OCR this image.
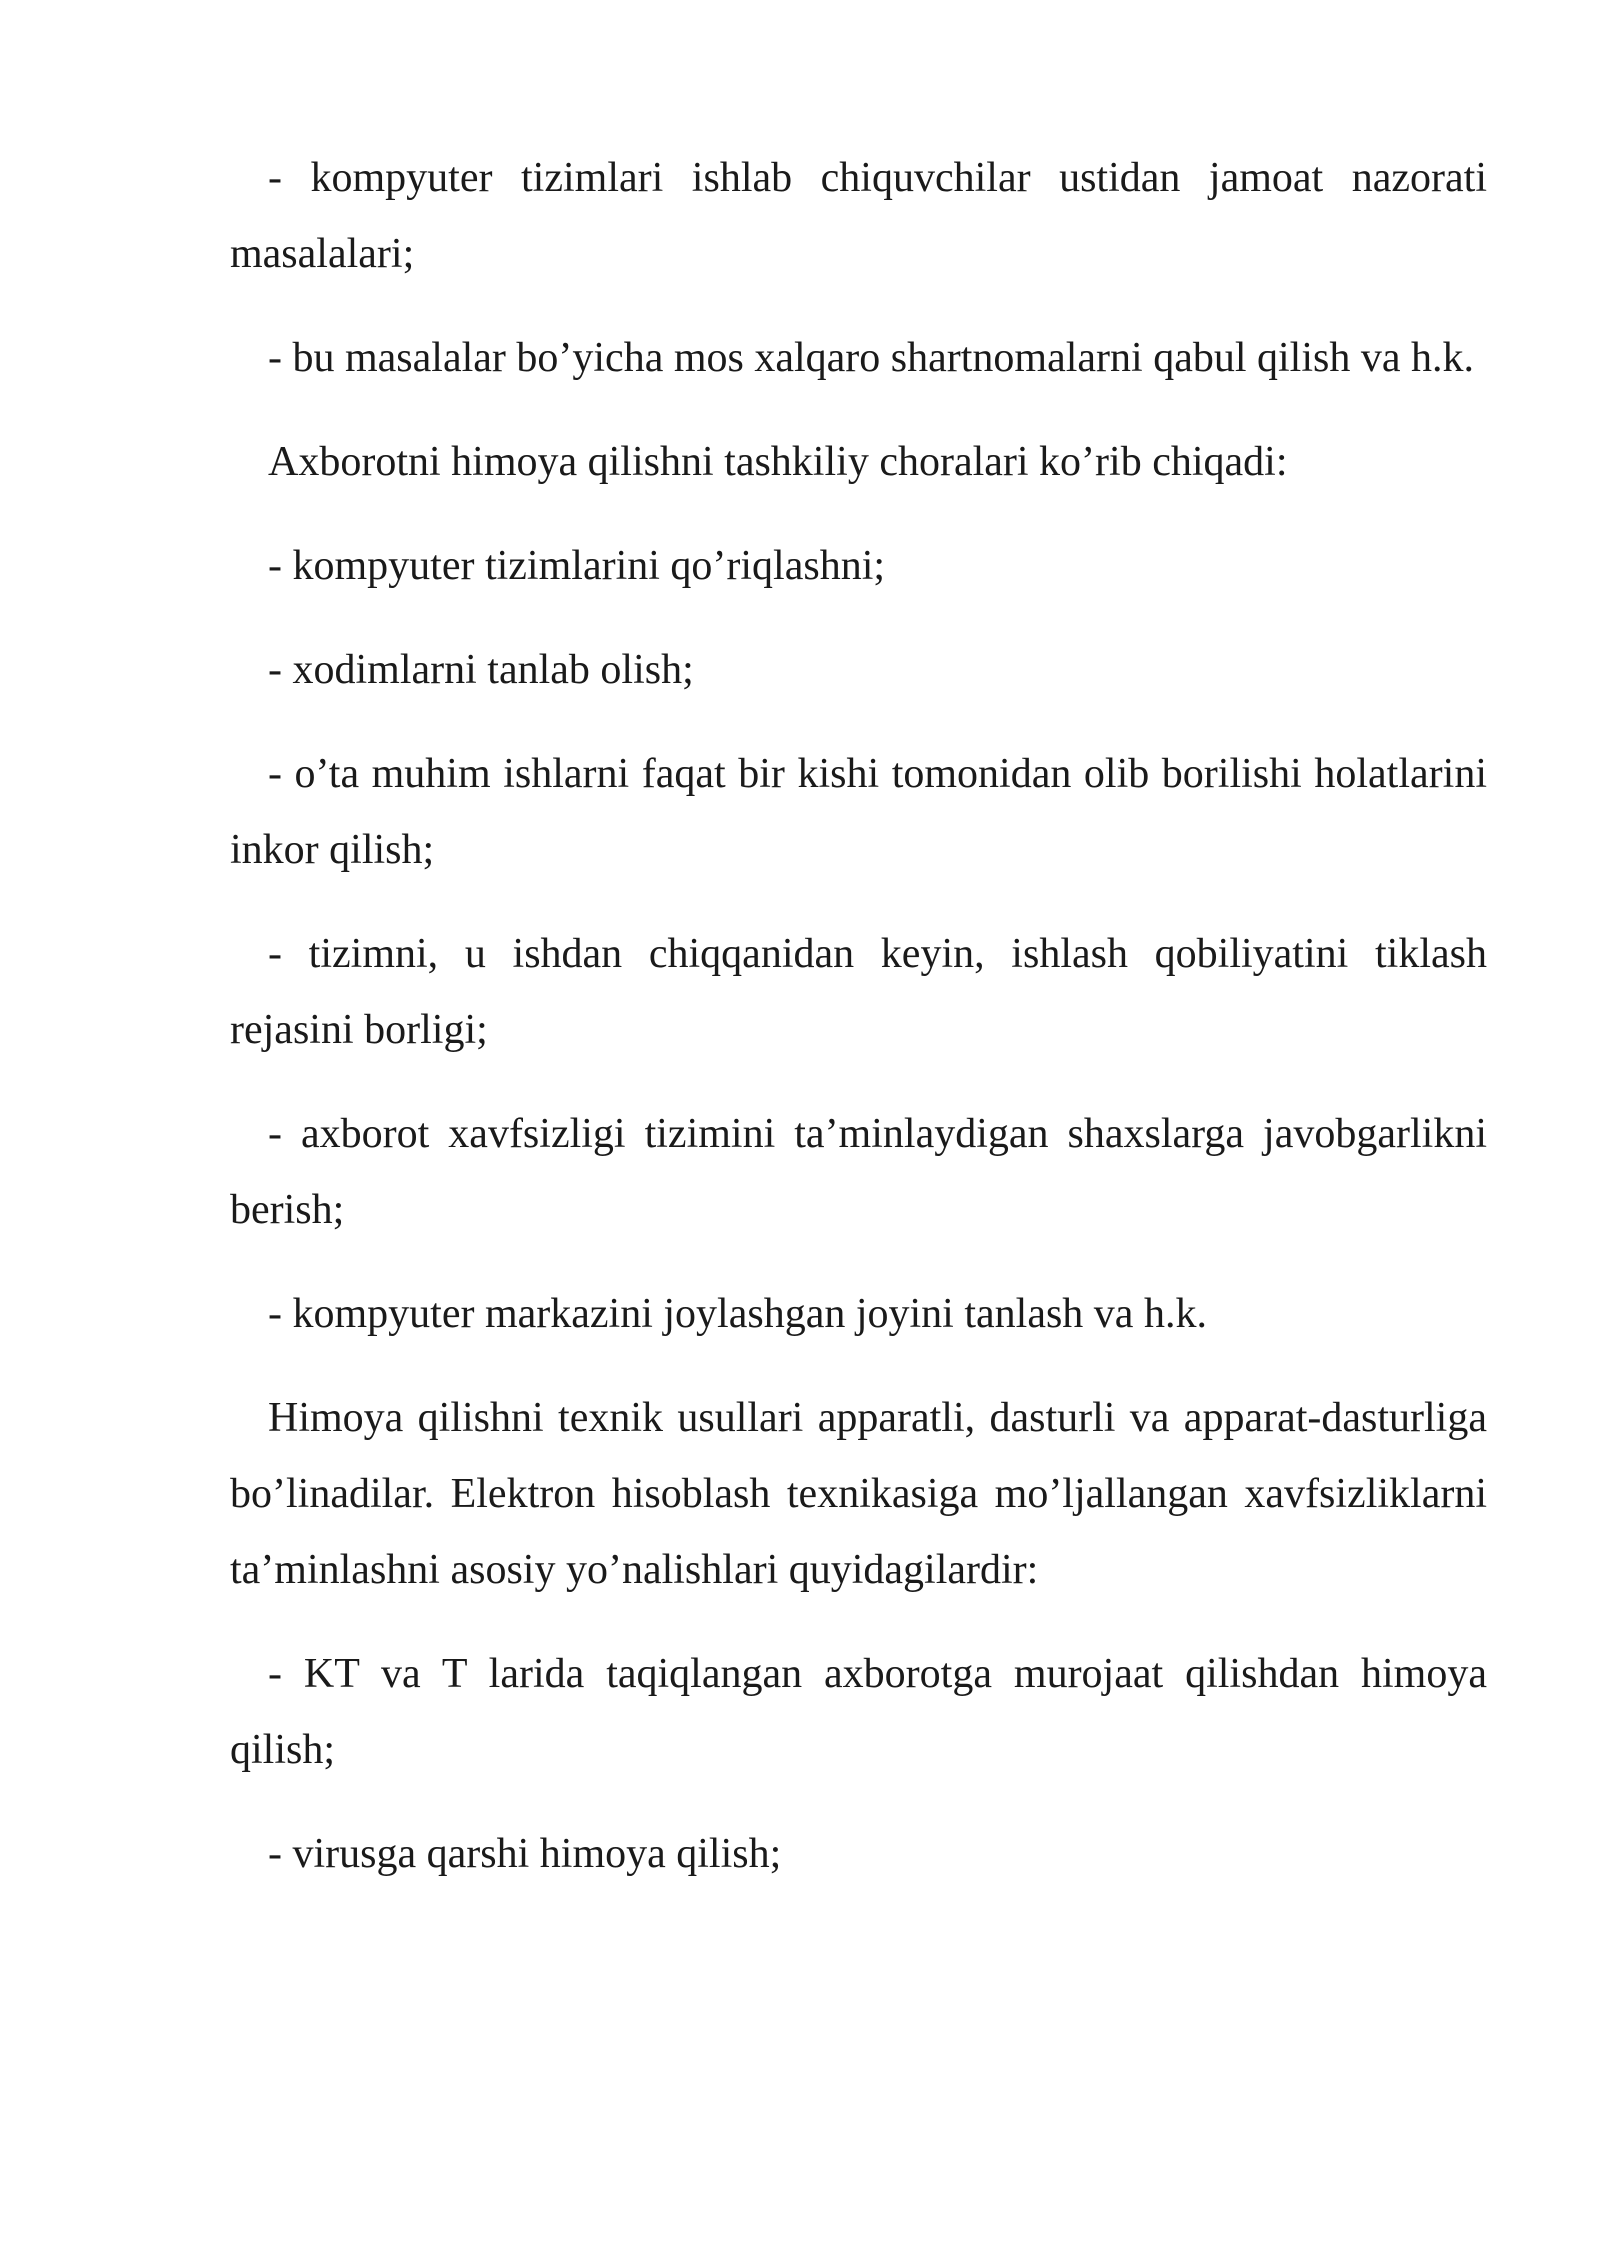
- kompyuter tizimlari ishlab chiquvchilar ustidan jamoat nazorati masalalari;

- bu masalalar bo’yicha mos xalqaro shartnomalarni qabul qilish va h.k.

Axborotni himoya qilishni tashkiliy choralari ko’rib chiqadi:

- kompyuter tizimlarini qo’riqlashni;

- xodimlarni tanlab olish;

- o’ta muhim ishlarni faqat bir kishi tomonidan olib borilishi holatlarini inkor qilish;

- tizimni, u ishdan chiqqanidan keyin, ishlash qobiliyatini tiklash rejasini borligi;

- axborot xavfsizligi tizimini ta’minlaydigan shaxslarga javobgarlikni berish;

- kompyuter markazini joylashgan joyini tanlash va h.k.

Himoya qilishni texnik usullari apparatli, dasturli va apparat-dasturliga bo’linadilar. Elektron hisoblash texnikasiga mo’ljallangan xavfsizliklarni ta’minlashni asosiy yo’nalishlari quyidagilardir:

- KT va T larida taqiqlangan axborotga murojaat qilishdan himoya qilish;

- virusga qarshi himoya qilish;
